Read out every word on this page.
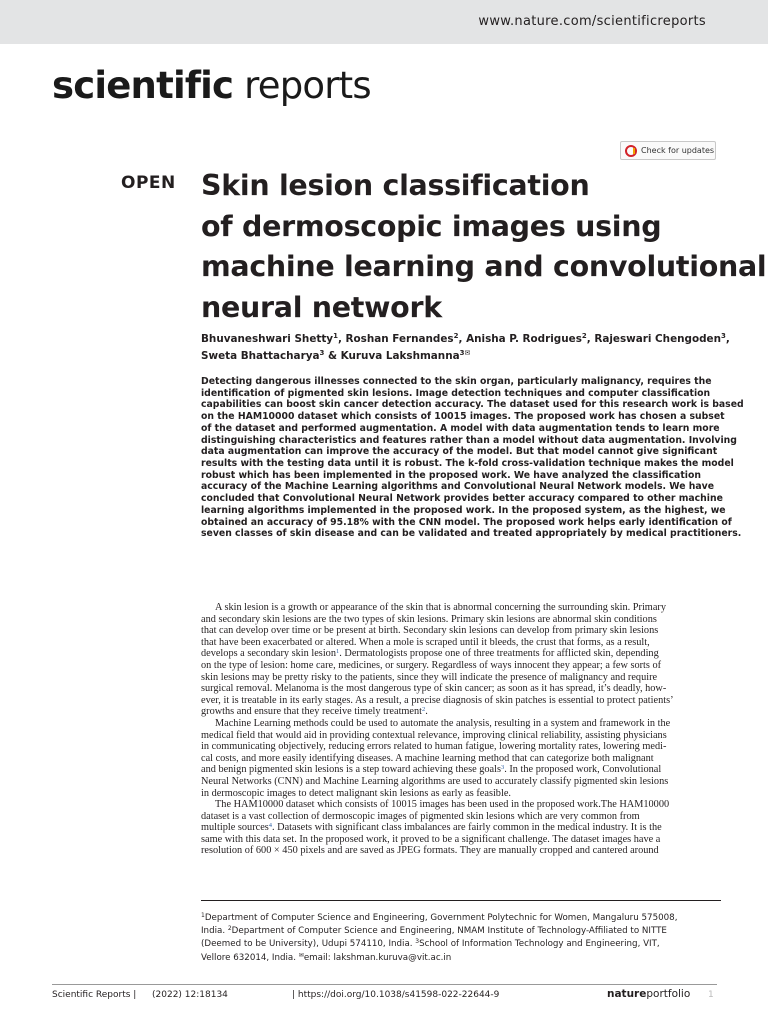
www.nature.com/scientificreports
scientific reports
Check for updates
OPEN Skin lesion classification
of dermoscopic images using
machine learning and convolutional
neural network
Bhuvaneshwari Shetty$^1$, Roshan Fernandes$^2$, Anisha P. Rodrigues$^2$, Rajeswari Chengoden$^3$,
Sweta Bhattacharya$^3$ & Kuruva Lakshmanna$^{3✉}$
Detecting dangerous illnesses connected to the skin organ, particularly malignancy, requires the
identification of pigmented skin lesions. Image detection techniques and computer classification
capabilities can boost skin cancer detection accuracy. The dataset used for this research work is based
on the HAM10000 dataset which consists of 10015 images. The proposed work has chosen a subset
of the dataset and performed augmentation. A model with data augmentation tends to learn more
distinguishing characteristics and features rather than a model without data augmentation. Involving
data augmentation can improve the accuracy of the model. But that model cannot give significant
results with the testing data until it is robust. The k-fold cross-validation technique makes the model
robust which has been implemented in the proposed work. We have analyzed the classification
accuracy of the Machine Learning algorithms and Convolutional Neural Network models. We have
concluded that Convolutional Neural Network provides better accuracy compared to other machine
learning algorithms implemented in the proposed work. In the proposed system, as the highest, we
obtained an accuracy of 95.18% with the CNN model. The proposed work helps early identification of
seven classes of skin disease and can be validated and treated appropriately by medical practitioners.
A skin lesion is a growth or appearance of the skin that is abnormal concerning the surrounding skin. Primary
and secondary skin lesions are the two types of skin lesions. Primary skin lesions are abnormal skin conditions
that can develop over time or be present at birth. Secondary skin lesions can develop from primary skin lesions
that have been exacerbated or altered. When a mole is scraped until it bleeds, the crust that forms, as a result,
develops a secondary skin lesion$^1$. Dermatologists propose one of three treatments for afflicted skin, depending
on the type of lesion: home care, medicines, or surgery. Regardless of ways innocent they appear; a few sorts of
skin lesions may be pretty risky to the patients, since they will indicate the presence of malignancy and require
surgical removal. Melanoma is the most dangerous type of skin cancer; as soon as it has spread, it’s deadly, how-
ever, it is treatable in its early stages. As a result, a precise diagnosis of skin patches is essential to protect patients’
growths and ensure that they receive timely treatment$^2$.
Machine Learning methods could be used to automate the analysis, resulting in a system and framework in the
medical field that would aid in providing contextual relevance, improving clinical reliability, assisting physicians
in communicating objectively, reducing errors related to human fatigue, lowering mortality rates, lowering medi-
cal costs, and more easily identifying diseases. A machine learning method that can categorize both malignant
and benign pigmented skin lesions is a step toward achieving these goals$^3$. In the proposed work, Convolutional
Neural Networks (CNN) and Machine Learning algorithms are used to accurately classify pigmented skin lesions
in dermoscopic images to detect malignant skin lesions as early as feasible.
The HAM10000 dataset which consists of 10015 images has been used in the proposed work.The HAM10000
dataset is a vast collection of dermoscopic images of pigmented skin lesions which are very common from
multiple sources$^4$. Datasets with significant class imbalances are fairly common in the medical industry. It is the
same with this data set. In the proposed work, it proved to be a significant challenge. The dataset images have a
resolution of 600 × 450 pixels and are saved as JPEG formats. They are manually cropped and cantered around
$^1$Department of Computer Science and Engineering, Government Polytechnic for Women, Mangaluru 575008,
India. $^2$Department of Computer Science and Engineering, NMAM Institute of Technology-Affiliated to NITTE
(Deemed to be University), Udupi 574110, India. $^3$School of Information Technology and Engineering, VIT,
Vellore 632014, India. ✉email: lakshman.kuruva@vit.ac.in
Scientific Reports | (2022) 12:18134	| https://doi.org/10.1038/s41598-022-22644-9	natureportfolio 1
